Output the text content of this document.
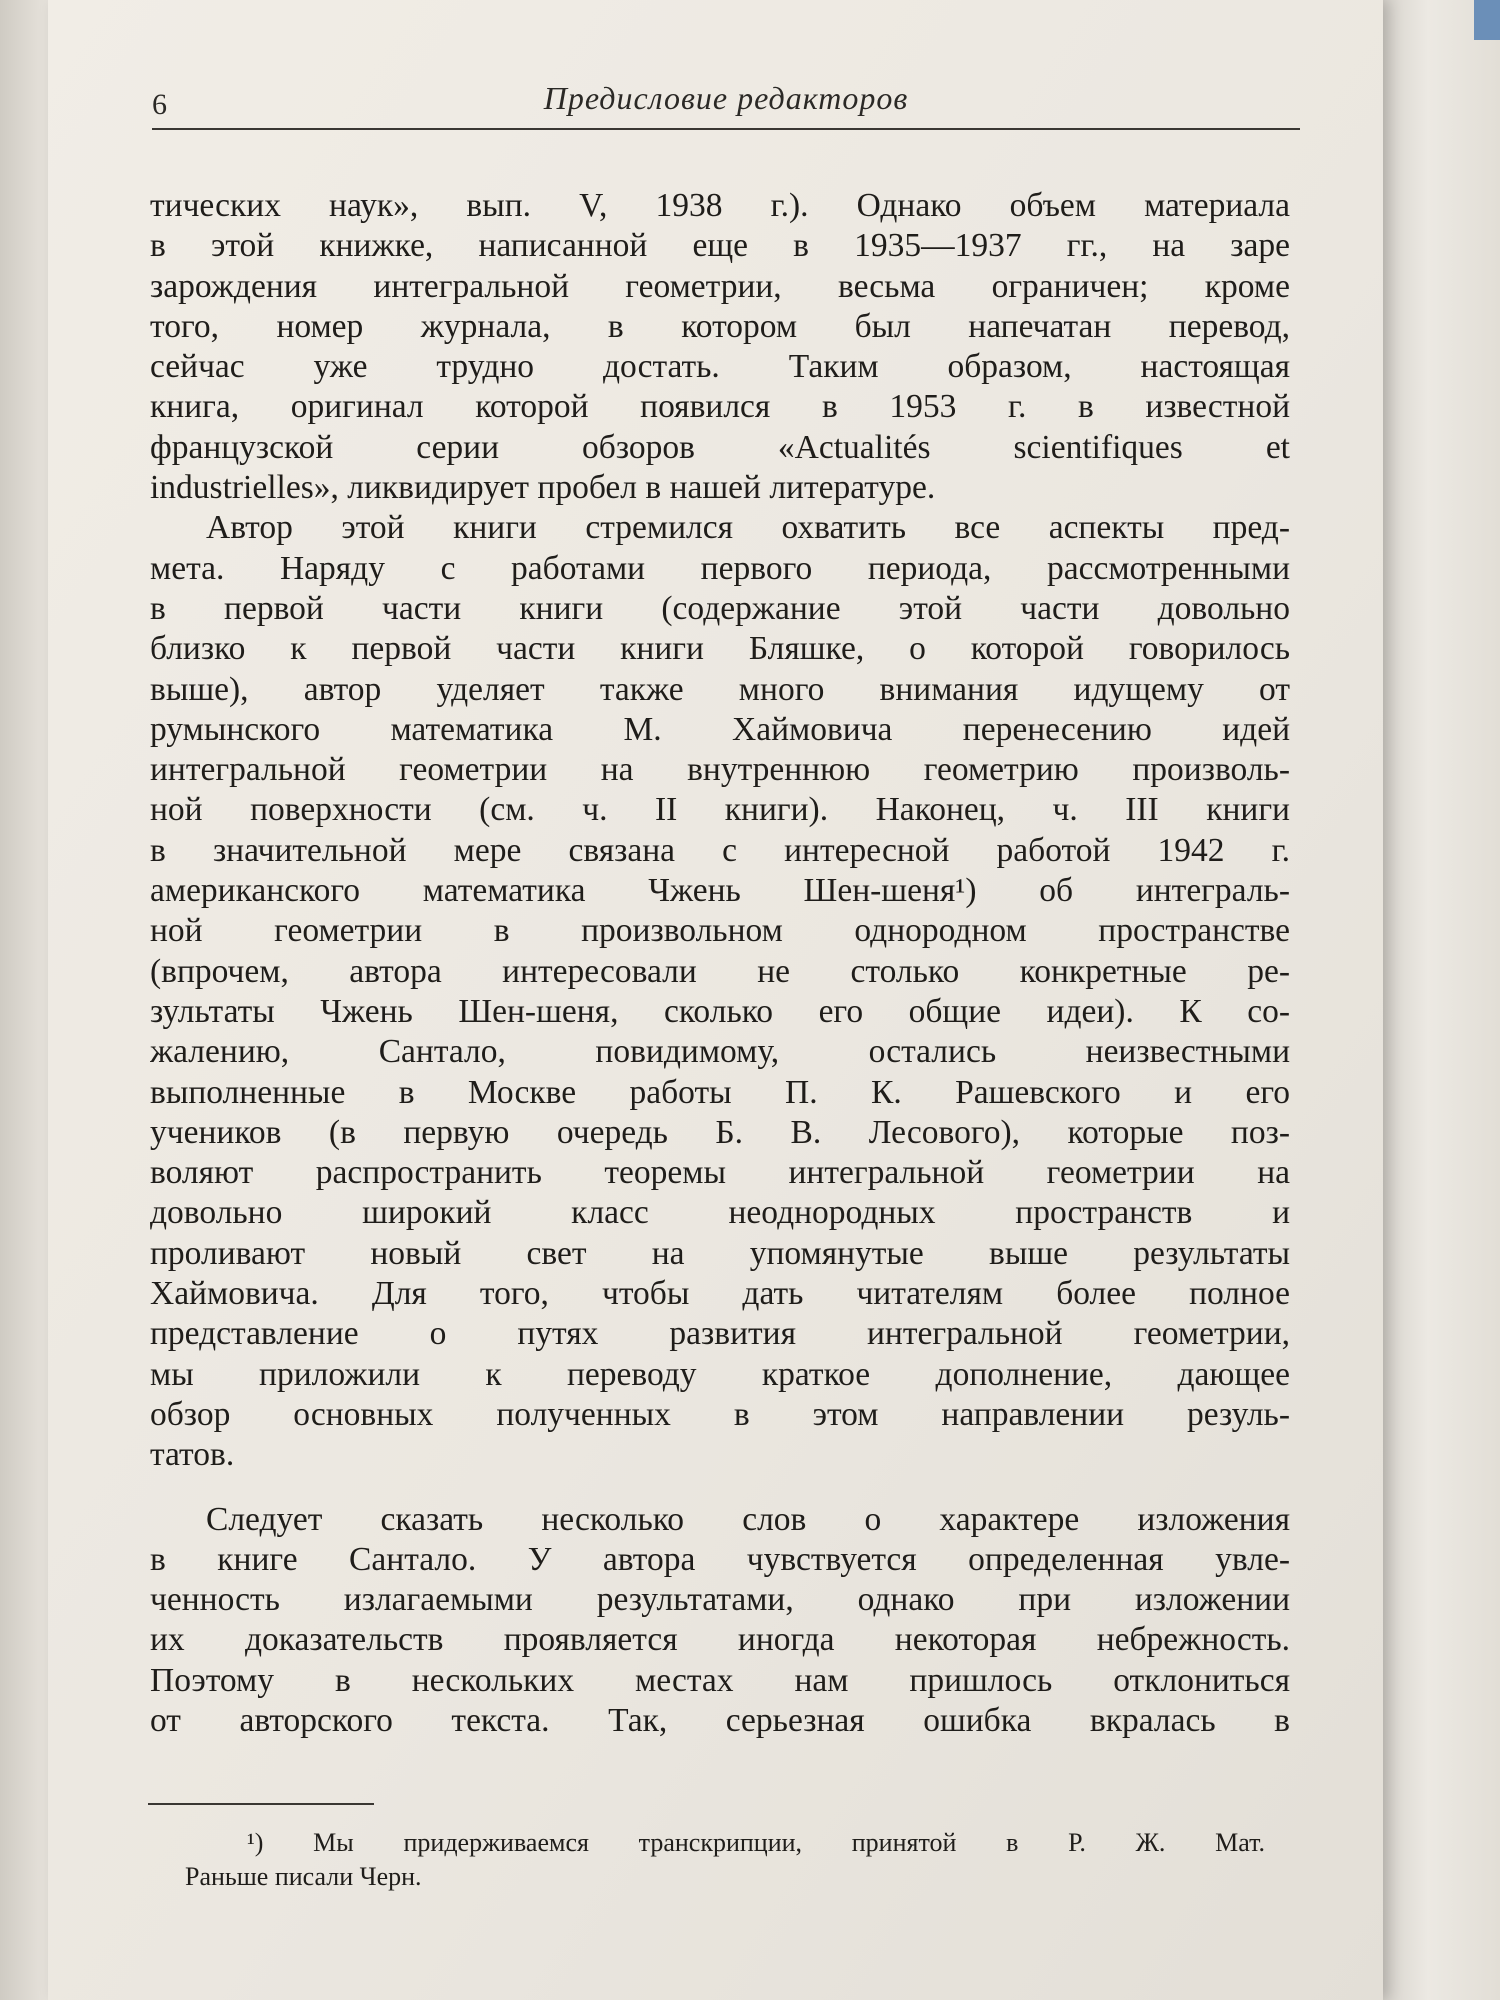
6	Предисловие редакторов
тических наук», вып. V, 1938 г.). Однако объем материала
в этой книжке, написанной еще в 1935—1937 гг., на заре
зарождения интегральной геометрии, весьма ограничен; кроме
того, номер журнала, в котором был напечатан перевод,
сейчас уже трудно достать. Таким образом, настоящая
книга, оригинал которой появился в 1953 г. в известной
французской серии обзоров «Actualités scientifiques et
industrielles», ликвидирует пробел в нашей литературе.
Автор этой книги стремился охватить все аспекты пред-
мета. Наряду с работами первого периода, рассмотренными
в первой части книги (содержание этой части довольно
близко к первой части книги Бляшке, о которой говорилось
выше), автор уделяет также много внимания идущему от
румынского математика М. Хаймовича перенесению идей
интегральной геометрии на внутреннюю геометрию произволь-
ной поверхности (см. ч. II книги). Наконец, ч. III книги
в значительной мере связана с интересной работой 1942 г.
американского математика Чжень Шен-шеня¹) об интеграль-
ной геометрии в произвольном однородном пространстве
(впрочем, автора интересовали не столько конкретные ре-
зультаты Чжень Шен-шеня, сколько его общие идеи). К со-
жалению, Сантало, повидимому, остались неизвестными
выполненные в Москве работы П. К. Рашевского и его
учеников (в первую очередь Б. В. Лесового), которые поз-
воляют распространить теоремы интегральной геометрии на
довольно широкий класс неоднородных пространств и
проливают новый свет на упомянутые выше результаты
Хаймовича. Для того, чтобы дать читателям более полное
представление о путях развития интегральной геометрии,
мы приложили к переводу краткое дополнение, дающее
обзор основных полученных в этом направлении резуль-
татов.
Следует сказать несколько слов о характере изложения
в книге Сантало. У автора чувствуется определенная увле-
ченность излагаемыми результатами, однако при изложении
их доказательств проявляется иногда некоторая небрежность.
Поэтому в нескольких местах нам пришлось отклониться
от авторского текста. Так, серьезная ошибка вкралась в
¹) Мы придерживаемся транскрипции, принятой в Р. Ж. Мат.
Раньше писали Черн.
